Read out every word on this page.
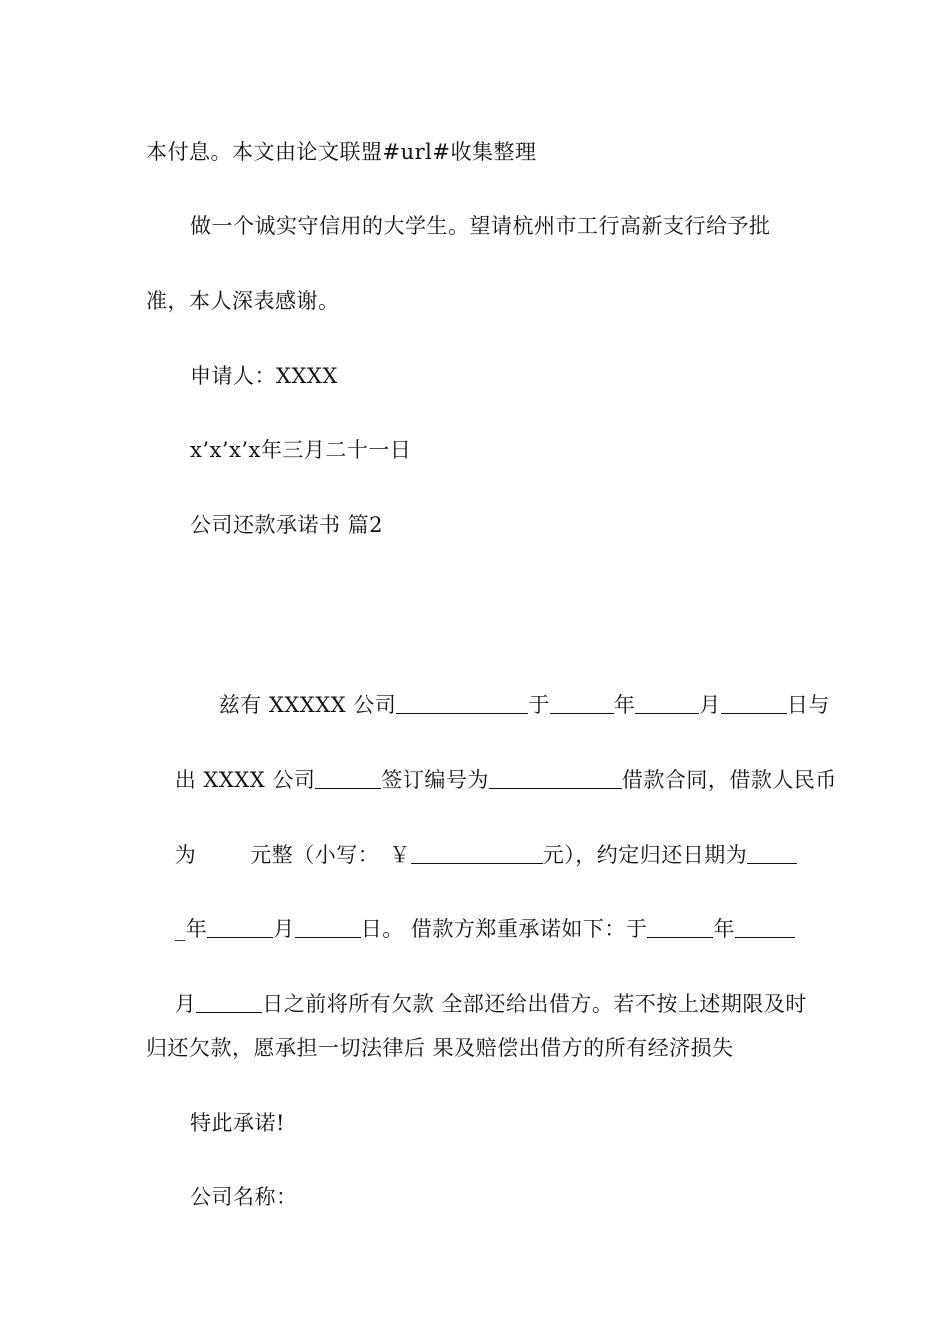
本付息。本文由论文联盟#url#收集整理
做一个诚实守信用的大学生。望请杭州市工行高新支行给予批
准，本人深表感谢。
申请人：XXXX
x’x’x’x年三月二十一日
公司还款承诺书 篇2

兹有 XXXXX 公司	于	年	月	日与

出 XXXX 公司	签订编号为	借款合同，借款人民币

为	元整（小写： ￥	元），约定归还日期为

_年	月	日。 借款方郑重承诺如下：于	年

月	日之前将所有欠款 全部还给出借方。若不按上述期限及时

归还欠款，愿承担一切法律后 果及赔偿出借方的所有经济损失
特此承诺!
公司名称：
